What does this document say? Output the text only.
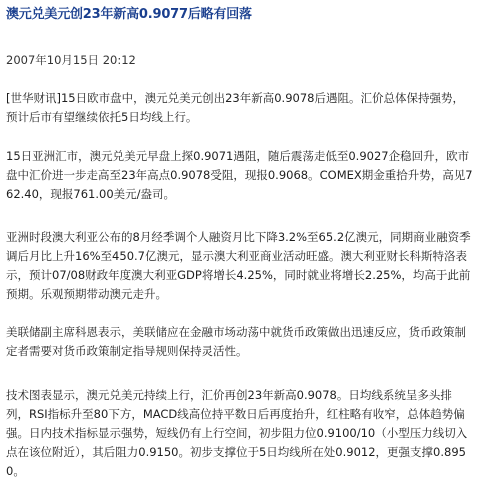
澳元兑美元创23年新高0.9077后略有回落
2007年10月15日 20:12

[世华财讯]15日欧市盘中，澳元兑美元创出23年新高0.9078后遇阻。汇价总体保持强势，预计后市有望继续依托5日均线上行。

15日亚洲汇市，澳元兑美元早盘上探0.9071遇阻，随后震荡走低至0.9027企稳回升，欧市盘中汇价进一步走高至23年高点0.9078受阻，现报0.9068。COMEX期金重拾升势，高见762.40，现报761.00美元/盎司。

亚洲时段澳大利亚公布的8月经季调个人融资月比下降3.2%至65.2亿澳元，同期商业融资季调后月比上升16%至450.7亿澳元，显示澳大利亚商业活动旺盛。澳大利亚财长科斯特洛表示，预计07/08财政年度澳大利亚GDP将增长4.25%，同时就业将增长2.25%，均高于此前预期。乐观预期带动澳元走升。

美联储副主席科恩表示，美联储应在金融市场动荡中就货币政策做出迅速反应，货币政策制定者需要对货币政策制定指导规则保持灵活性。

技术图表显示，澳元兑美元持续上行，汇价再创23年新高0.9078。日均线系统呈多头排列，RSI指标升至80下方，MACD线高位持平数日后再度抬升，红柱略有收窄，总体趋势偏强。日内技术指标显示强势，短线仍有上行空间，初步阻力位0.9100/10（小型压力线切入点在该位附近），其后阻力0.9150。初步支撑位于5日均线所在处0.9012，更强支撑0.8950。
